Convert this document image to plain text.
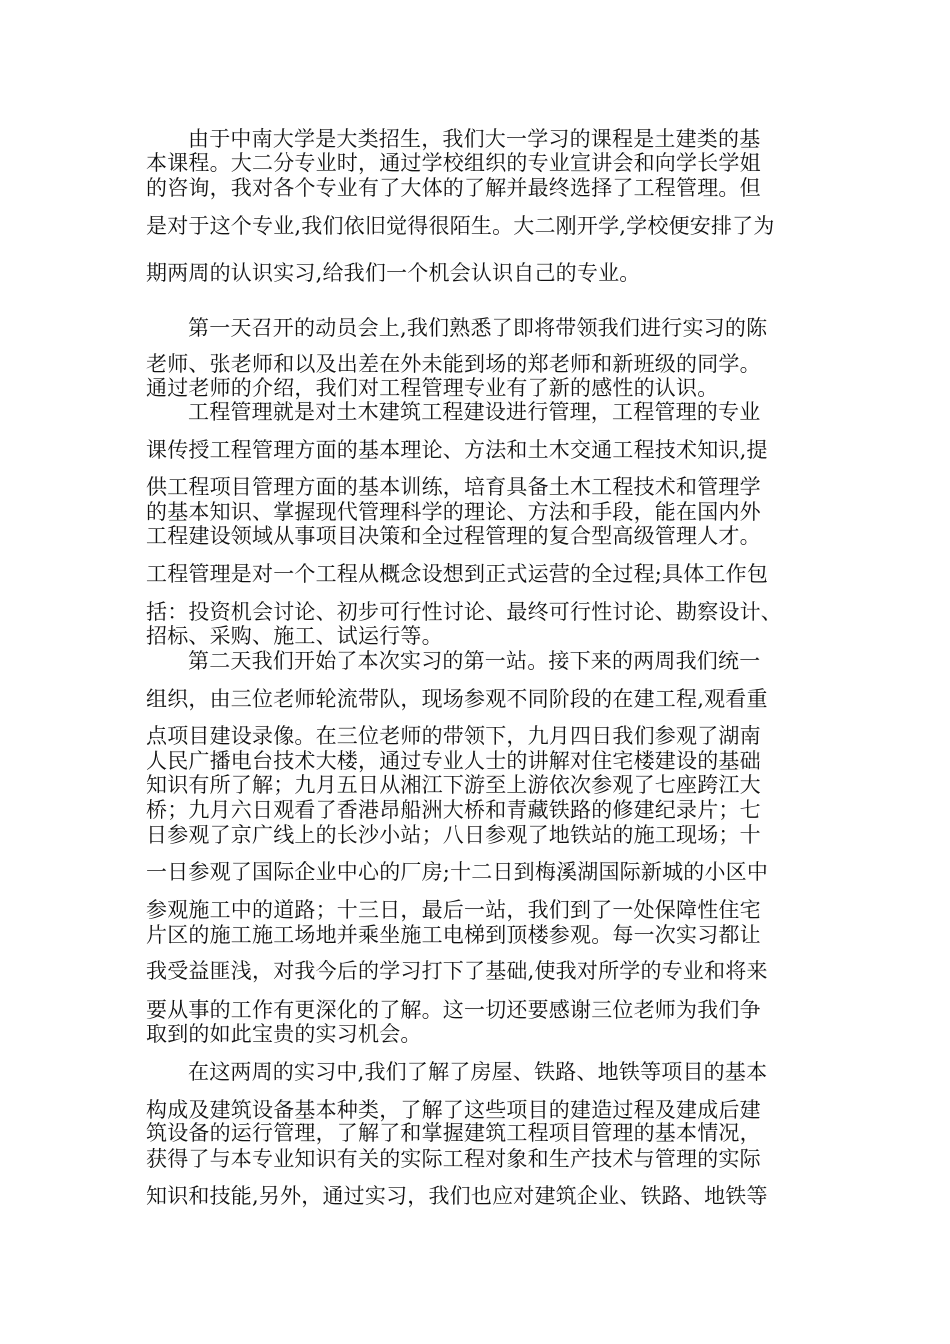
由于中南大学是大类招生，我们大一学习的课程是土建类的基
本课程。大二分专业时，通过学校组织的专业宣讲会和向学长学姐
的咨询，我对各个专业有了大体的了解并最终选择了工程管理。但
是对于这个专业,我们依旧觉得很陌生。大二刚开学,学校便安排了为
期两周的认识实习,给我们一个机会认识自己的专业。
第一天召开的动员会上,我们熟悉了即将带领我们进行实习的陈
老师、张老师和以及出差在外未能到场的郑老师和新班级的同学。
通过老师的介绍，我们对工程管理专业有了新的感性的认识。
工程管理就是对土木建筑工程建设进行管理，工程管理的专业
课传授工程管理方面的基本理论、方法和土木交通工程技术知识,提
供工程项目管理方面的基本训练，培育具备土木工程技术和管理学
的基本知识、掌握现代管理科学的理论、方法和手段，能在国内外
工程建设领域从事项目决策和全过程管理的复合型高级管理人才。
工程管理是对一个工程从概念设想到正式运营的全过程;具体工作包
括：投资机会讨论、初步可行性讨论、最终可行性讨论、勘察设计、
招标、采购、施工、试运行等。
第二天我们开始了本次实习的第一站。接下来的两周我们统一
组织，由三位老师轮流带队，现场参观不同阶段的在建工程,观看重
点项目建设录像。在三位老师的带领下，九月四日我们参观了湖南
人民广播电台技术大楼，通过专业人士的讲解对住宅楼建设的基础
知识有所了解；九月五日从湘江下游至上游依次参观了七座跨江大
桥；九月六日观看了香港昂船洲大桥和青藏铁路的修建纪录片；七
日参观了京广线上的长沙小站；八日参观了地铁站的施工现场；十
一日参观了国际企业中心的厂房;十二日到梅溪湖国际新城的小区中
参观施工中的道路；十三日，最后一站，我们到了一处保障性住宅
片区的施工施工场地并乘坐施工电梯到顶楼参观。每一次实习都让
我受益匪浅，对我今后的学习打下了基础,使我对所学的专业和将来
要从事的工作有更深化的了解。这一切还要感谢三位老师为我们争
取到的如此宝贵的实习机会。
在这两周的实习中,我们了解了房屋、铁路、地铁等项目的基本
构成及建筑设备基本种类，了解了这些项目的建造过程及建成后建
筑设备的运行管理，了解了和掌握建筑工程项目管理的基本情况，
获得了与本专业知识有关的实际工程对象和生产技术与管理的实际
知识和技能,另外，通过实习，我们也应对建筑企业、铁路、地铁等
